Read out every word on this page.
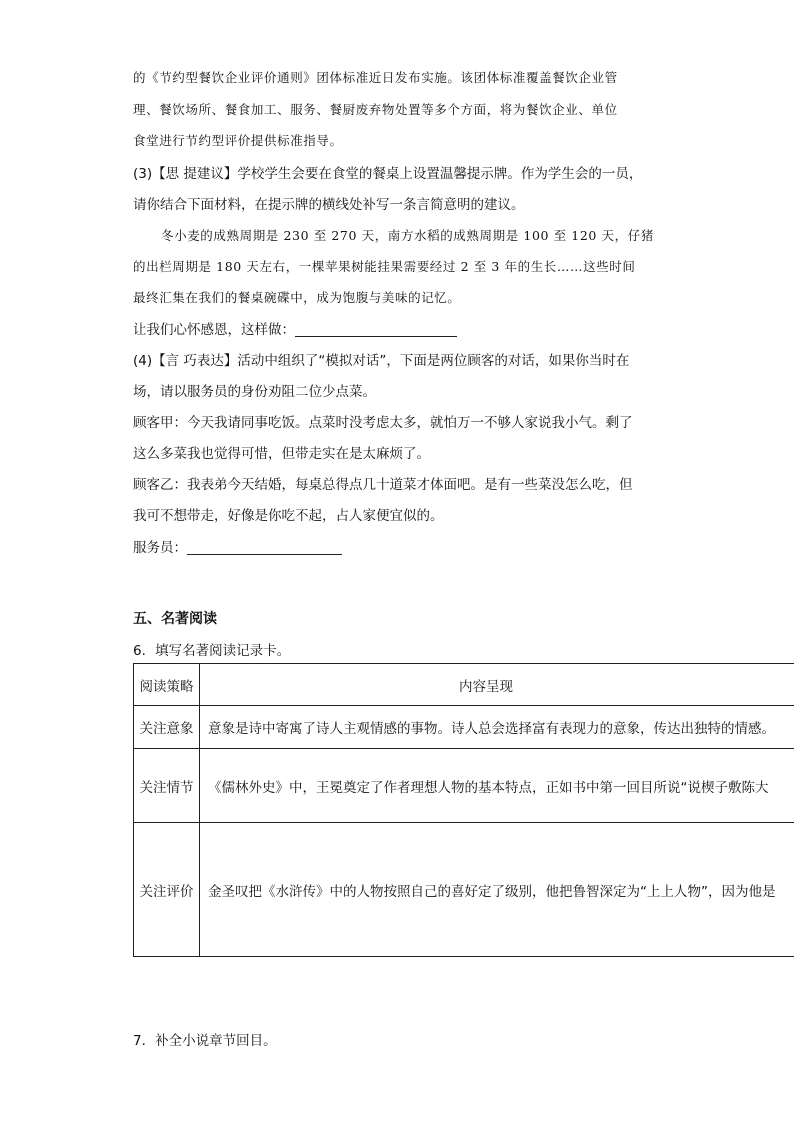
的《节约型餐饮企业评价通则》团体标准近日发布实施。该团体标准覆盖餐饮企业管
理、餐饮场所、餐食加工、服务、餐厨废弃物处置等多个方面，将为餐饮企业、单位
食堂进行节约型评价提供标准指导。
(3)【思 提建议】学校学生会要在食堂的餐桌上设置温馨提示牌。作为学生会的一员，
请你结合下面材料，在提示牌的横线处补写一条言简意明的建议。
冬小麦的成熟周期是 230 至 270 天，南方水稻的成熟周期是 100 至 120 天，仔猪
的出栏周期是 180 天左右，一棵苹果树能挂果需要经过 2 至 3 年的生长……这些时间
最终汇集在我们的餐桌碗碟中，成为饱腹与美味的记忆。
让我们心怀感恩，这样做：
(4)【言 巧表达】活动中组织了“模拟对话”，下面是两位顾客的对话，如果你当时在
场，请以服务员的身份劝阻二位少点菜。
顾客甲：今天我请同事吃饭。点菜时没考虑太多，就怕万一不够人家说我小气。剩了
这么多菜我也觉得可惜，但带走实在是太麻烦了。
顾客乙：我表弟今天结婚，每桌总得点几十道菜才体面吧。是有一些菜没怎么吃，但
我可不想带走，好像是你吃不起，占人家便宜似的。
服务员：
五、名著阅读
6．填写名著阅读记录卡。
阅读策略	内容呈现
关注意象	意象是诗中寄寓了诗人主观情感的事物。诗人总会选择富有表现力的意象，传达出独特的情感。
关注情节	《儒林外史》中，王冕奠定了作者理想人物的基本特点，正如书中第一回目所说“说楔子敷陈大
关注评价	金圣叹把《水浒传》中的人物按照自己的喜好定了级别，他把鲁智深定为“上上人物”，因为他是
7．补全小说章节回目。
